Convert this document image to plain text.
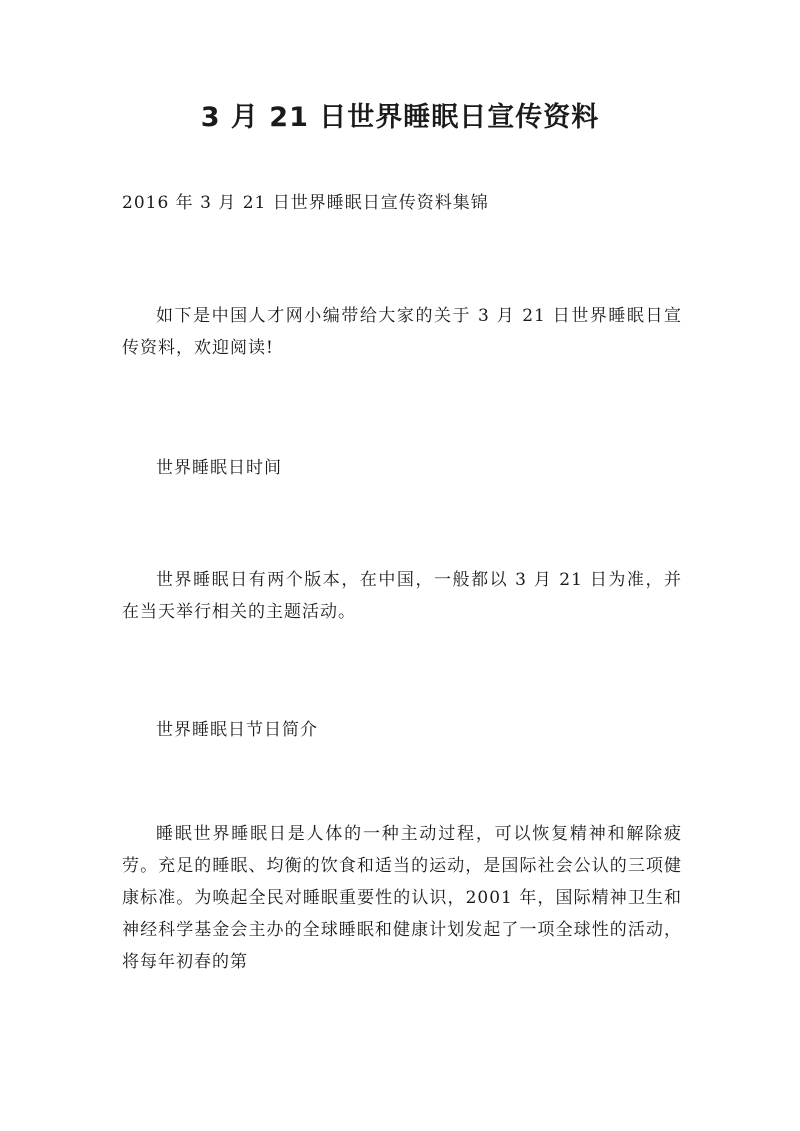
3 月 21 日世界睡眠日宣传资料
2016 年 3 月 21 日世界睡眠日宣传资料集锦
如下是中国人才网小编带给大家的关于 3 月 21 日世界睡眠日宣传资料，欢迎阅读!
世界睡眠日时间
世界睡眠日有两个版本，在中国，一般都以 3 月 21 日为准，并在当天举行相关的主题活动。
世界睡眠日节日简介
睡眠世界睡眠日是人体的一种主动过程，可以恢复精神和解除疲劳。充足的睡眠、均衡的饮食和适当的运动，是国际社会公认的三项健康标准。为唤起全民对睡眠重要性的认识，2001 年，国际精神卫生和神经科学基金会主办的全球睡眠和健康计划发起了一项全球性的活动，将每年初春的第
